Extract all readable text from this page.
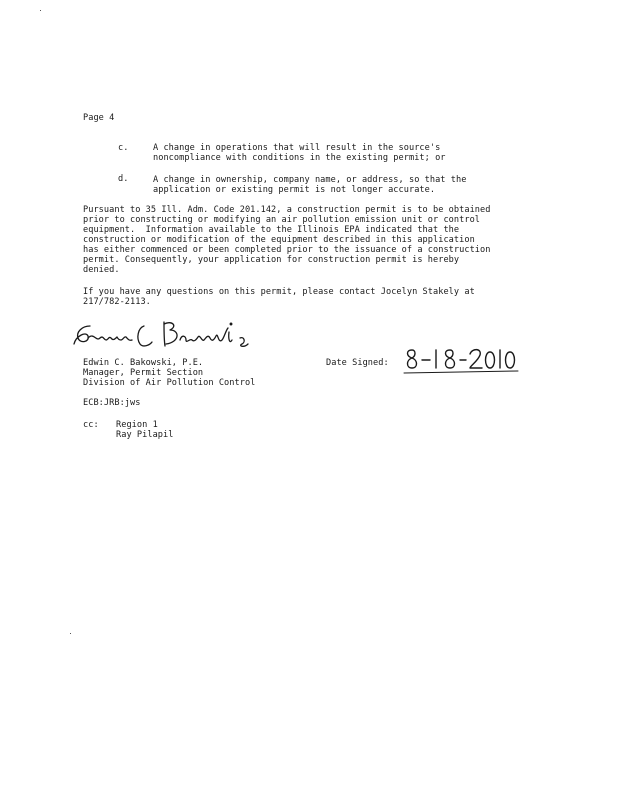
Page 4
c.	A change in operations that will result in the source's
noncompliance with conditions in the existing permit; or
d.	A change in ownership, company name, or address, so that the
application or existing permit is not longer accurate.
Pursuant to 35 Ill. Adm. Code 201.142, a construction permit is to be obtained
prior to constructing or modifying an air pollution emission unit or control
equipment.  Information available to the Illinois EPA indicated that the
construction or modification of the equipment described in this application
has either commenced or been completed prior to the issuance of a construction
permit. Consequently, your application for construction permit is hereby
denied.
If you have any questions on this permit, please contact Jocelyn Stakely at
217/782-2113.
Edwin C. Bakowski, P.E.
Manager, Permit Section
Division of Air Pollution Control
Date Signed:
ECB:JRB:jws
cc: Region 1
Ray Pilapil
